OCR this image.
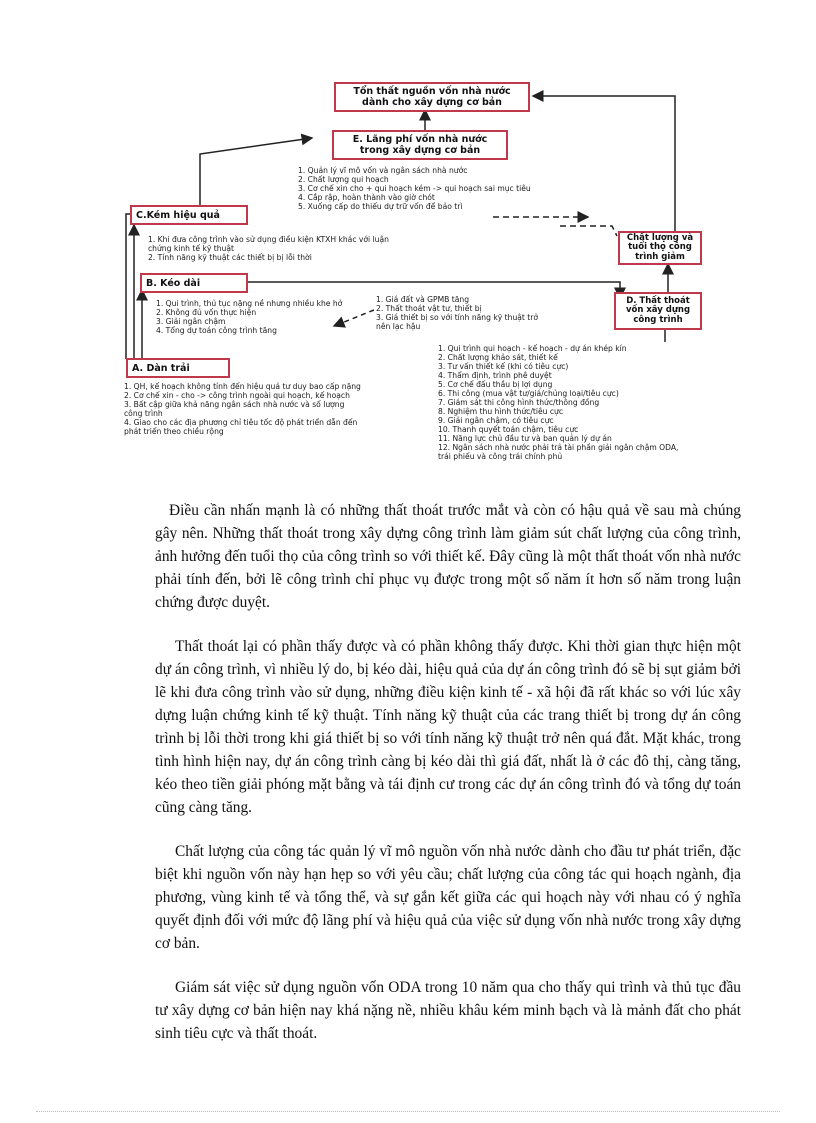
Tổn thất nguồn vốn nhà nước dành cho xây dựng cơ bản
E. Lãng phí vốn nhà nước trong xây dựng cơ bản
1. Quản lý vĩ mô vốn và ngân sách nhà nước
2. Chất lượng qui hoạch
3. Cơ chế xin cho + qui hoạch kém -> qui hoạch sai mục tiêu
4. Cắp rập, hoàn thành vào giờ chót
5. Xuống cấp do thiếu dự trữ vốn để bảo trì
C.Kém hiệu quả
1. Khi đưa công trình vào sử dụng điều kiện KTXH khác với luận chứng kinh tế kỹ thuật
2. Tính năng kỹ thuật các thiết bị bị lỗi thời
Chất lượng và tuổi thọ công trình giảm
B. Kéo dài
1. Qui trình, thủ tục nặng nề nhưng nhiều khe hở
2. Không đủ vốn thực hiện
3. Giải ngân chậm
4. Tổng dự toán công trình tăng
1. Giá đất và GPMB tăng
2. Thất thoát vật tư, thiết bị
3. Giá thiết bị so với tính năng kỹ thuật trở nên lạc hậu
D. Thất thoát vốn xây dựng công trình
A. Dàn trải
1. QH, kế hoạch không tính đến hiệu quả tư duy bao cấp nặng
2. Cơ chế xin - cho -> công trình ngoài qui hoạch, kế hoạch
3. Bất cập giữa khả năng ngân sách nhà nước và số lượng công trình
4. Giao cho các địa phương chỉ tiêu tốc độ phát triển dẫn đến phát triển theo chiều rộng
1. Qui trình qui hoạch - kế hoạch - dự án khép kín
2. Chất lượng khảo sát, thiết kế
3. Tư vấn thiết kế (khi có tiêu cực)
4. Thẩm định, trình phê duyệt
5. Cơ chế đấu thầu bị lợi dụng
6. Thi công (mua vật tư/giá/chủng loại/tiêu cực)
7. Giám sát thi công hình thức/thông đồng
8. Nghiệm thu hình thức/tiêu cực
9. Giải ngân chậm, có tiêu cực
10. Thanh quyết toán chậm, tiêu cực
11. Năng lực chủ đầu tư và ban quản lý dự án
12. Ngân sách nhà nước phải trả tài phần giải ngân chậm ODA, trái phiếu và công trái chính phủ

Điều cần nhấn mạnh là có những thất thoát trước mắt và còn có hậu quả về sau mà chúng gây nên. Những thất thoát trong xây dựng công trình làm giảm sút chất lượng của công trình, ảnh hưởng đến tuổi thọ của công trình so với thiết kế. Đây cũng là một thất thoát vốn nhà nước phải tính đến, bởi lẽ công trình chỉ phục vụ được trong một số năm ít hơn số năm trong luận chứng được duyệt.

Thất thoát lại có phần thấy được và có phần không thấy được. Khi thời gian thực hiện một dự án công trình, vì nhiều lý do, bị kéo dài, hiệu quả của dự án công trình đó sẽ bị sụt giảm bởi lẽ khi đưa công trình vào sử dụng, những điều kiện kinh tế - xã hội đã rất khác so với lúc xây dựng luận chứng kinh tế kỹ thuật. Tính năng kỹ thuật của các trang thiết bị trong dự án công trình bị lỗi thời trong khi giá thiết bị so với tính năng kỹ thuật trở nên quá đắt. Mặt khác, trong tình hình hiện nay, dự án công trình càng bị kéo dài thì giá đất, nhất là ở các đô thị, càng tăng, kéo theo tiền giải phóng mặt bằng và tái định cư trong các dự án công trình đó và tổng dự toán cũng càng tăng.

Chất lượng của công tác quản lý vĩ mô nguồn vốn nhà nước dành cho đầu tư phát triển, đặc biệt khi nguồn vốn này hạn hẹp so với yêu cầu; chất lượng của công tác qui hoạch ngành, địa phương, vùng kinh tế và tổng thể, và sự gắn kết giữa các qui hoạch này với nhau có ý nghĩa quyết định đối với mức độ lãng phí và hiệu quả của việc sử dụng vốn nhà nước trong xây dựng cơ bản.

Giám sát việc sử dụng nguồn vốn ODA trong 10 năm qua cho thấy qui trình và thủ tục đầu tư xây dựng cơ bản hiện nay khá nặng nề, nhiều khâu kém minh bạch và là mảnh đất cho phát sinh tiêu cực và thất thoát.
